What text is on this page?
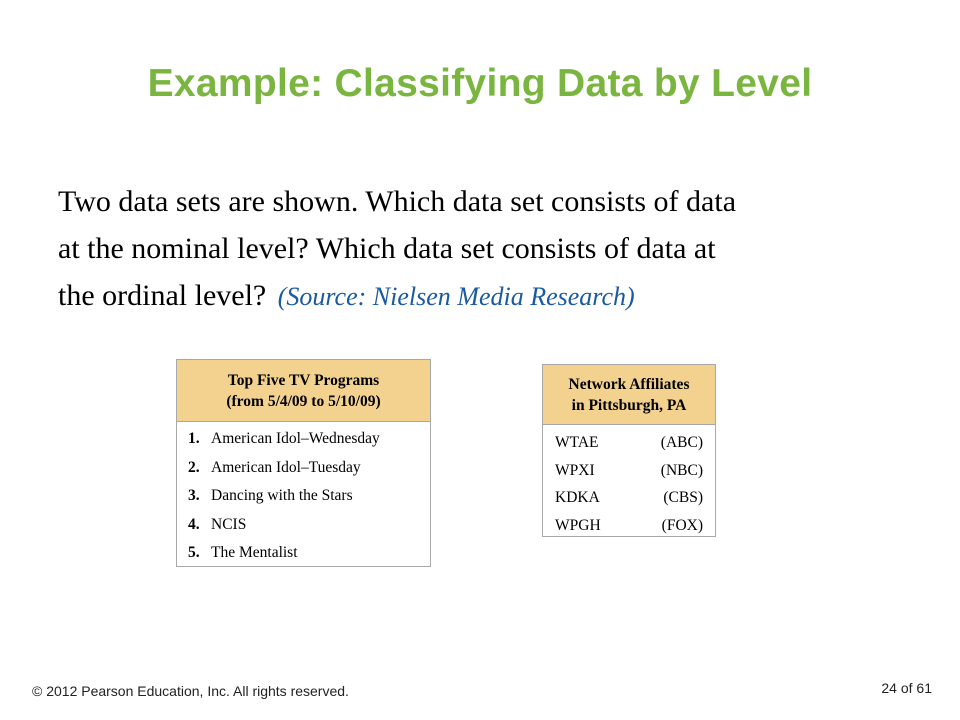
Example: Classifying Data by Level
Two data sets are shown. Which data set consists of data
at the nominal level? Which data set consists of data at
the ordinal level? (Source: Nielsen Media Research)
Top Five TV Programs
(from 5/4/09 to 5/10/09)
1. American Idol–Wednesday
2. American Idol–Tuesday
3. Dancing with the Stars
4. NCIS
5. The Mentalist
Network Affiliates
in Pittsburgh, PA
WTAE	(ABC)
WPXI	(NBC)
KDKA	(CBS)
WPGH	(FOX)
© 2012 Pearson Education, Inc. All rights reserved.	24 of 61
